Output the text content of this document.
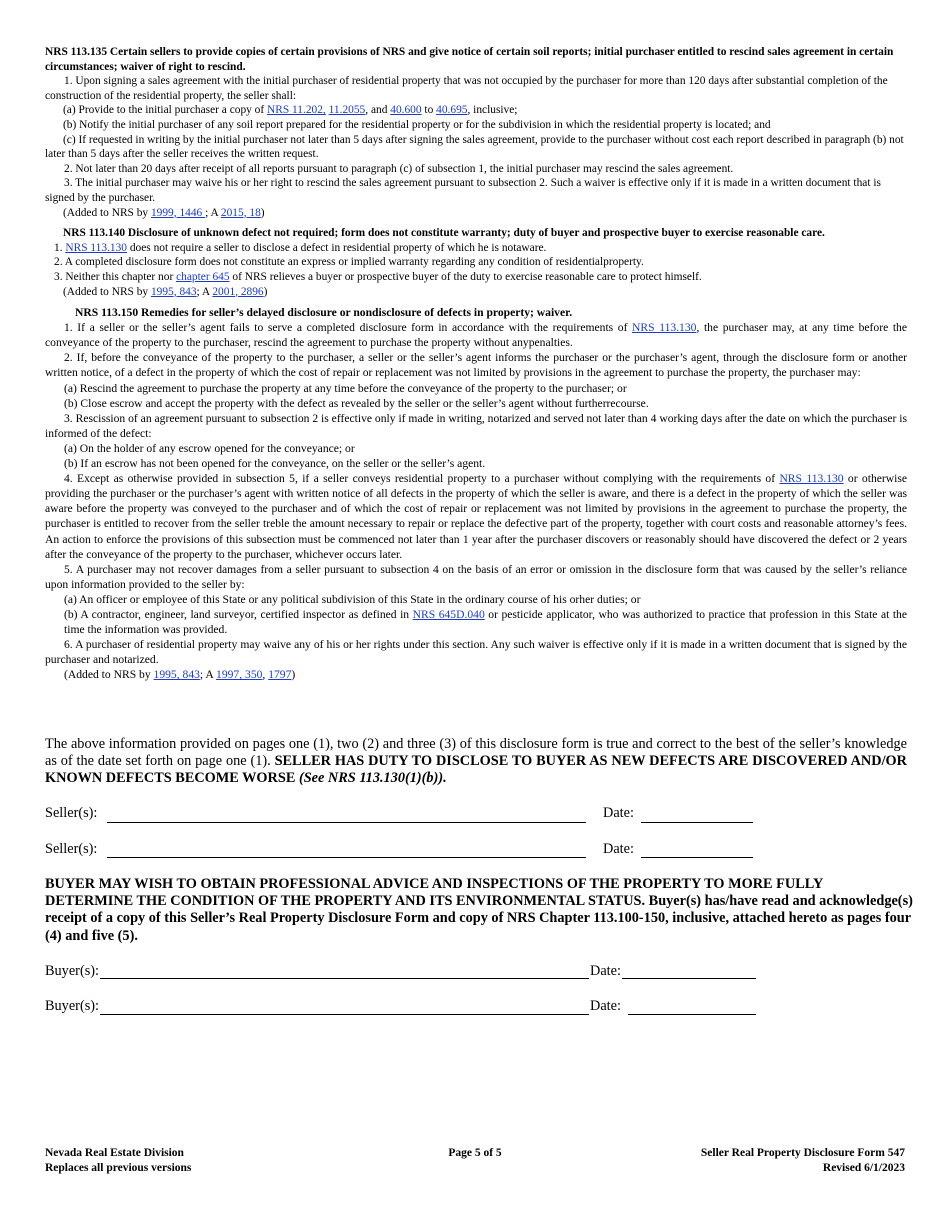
NRS 113.135 Certain sellers to provide copies of certain provisions of NRS and give notice of certain soil reports; initial purchaser entitled to rescind sales agreement in certain circumstances; waiver of right to rescind.

1. Upon signing a sales agreement with the initial purchaser of residential property that was not occupied by the purchaser for more than 120 days after substantial completion of the construction of the residential property, the seller shall:

(a) Provide to the initial purchaser a copy of NRS 11.202, 11.2055, and 40.600 to 40.695, inclusive;

(b) Notify the initial purchaser of any soil report prepared for the residential property or for the subdivision in which the residential property is located; and

(c) If requested in writing by the initial purchaser not later than 5 days after signing the sales agreement, provide to the purchaser without cost each report described in paragraph (b) not later than 5 days after the seller receives the written request.

2. Not later than 20 days after receipt of all reports pursuant to paragraph (c) of subsection 1, the initial purchaser may rescind the sales agreement.

3. The initial purchaser may waive his or her right to rescind the sales agreement pursuant to subsection 2. Such a waiver is effective only if it is made in a written document that is signed by the purchaser.

(Added to NRS by 1999, 1446 ; A 2015, 18)

NRS 113.140 Disclosure of unknown defect not required; form does not constitute warranty; duty of buyer and prospective buyer to exercise reasonable care.

1. NRS 113.130 does not require a seller to disclose a defect in residential property of which he is notaware.

2. A completed disclosure form does not constitute an express or implied warranty regarding any condition of residentialproperty.

3. Neither this chapter nor chapter 645 of NRS relieves a buyer or prospective buyer of the duty to exercise reasonable care to protect himself.

(Added to NRS by 1995, 843; A 2001, 2896)

NRS 113.150 Remedies for seller’s delayed disclosure or nondisclosure of defects in property; waiver.

1. If a seller or the seller’s agent fails to serve a completed disclosure form in accordance with the requirements of NRS 113.130, the purchaser may, at any time before the conveyance of the property to the purchaser, rescind the agreement to purchase the property without anypenalties.

2. If, before the conveyance of the property to the purchaser, a seller or the seller’s agent informs the purchaser or the purchaser’s agent, through the disclosure form or another written notice, of a defect in the property of which the cost of repair or replacement was not limited by provisions in the agreement to purchase the property, the purchaser may:

(a) Rescind the agreement to purchase the property at any time before the conveyance of the property to the purchaser; or

(b) Close escrow and accept the property with the defect as revealed by the seller or the seller’s agent without furtherrecourse.

3. Rescission of an agreement pursuant to subsection 2 is effective only if made in writing, notarized and served not later than 4 working days after the date on which the purchaser is informed of the defect:

(a) On the holder of any escrow opened for the conveyance; or

(b) If an escrow has not been opened for the conveyance, on the seller or the seller’s agent.

4. Except as otherwise provided in subsection 5, if a seller conveys residential property to a purchaser without complying with the requirements of NRS 113.130 or otherwise providing the purchaser or the purchaser’s agent with written notice of all defects in the property of which the seller is aware, and there is a defect in the property of which the seller was aware before the property was conveyed to the purchaser and of which the cost of repair or replacement was not limited by provisions in the agreement to purchase the property, the purchaser is entitled to recover from the seller treble the amount necessary to repair or replace the defective part of the property, together with court costs and reasonable attorney’s fees. An action to enforce the provisions of this subsection must be commenced not later than 1 year after the purchaser discovers or reasonably should have discovered the defect or 2 years after the conveyance of the property to the purchaser, whichever occurs later.

5. A purchaser may not recover damages from a seller pursuant to subsection 4 on the basis of an error or omission in the disclosure form that was caused by the seller’s reliance upon information provided to the seller by:

(a) An officer or employee of this State or any political subdivision of this State in the ordinary course of his orher duties; or

(b) A contractor, engineer, land surveyor, certified inspector as defined in NRS 645D.040 or pesticide applicator, who was authorized to practice that profession in this State at the time the information was provided.

6. A purchaser of residential property may waive any of his or her rights under this section. Any such waiver is effective only if it is made in a written document that is signed by the purchaser and notarized.

(Added to NRS by 1995, 843; A 1997, 350, 1797)

The above information provided on pages one (1), two (2) and three (3) of this disclosure form is true and correct to the best of the seller’s knowledge as of the date set forth on page one (1). SELLER HAS DUTY TO DISCLOSE TO BUYER AS NEW DEFECTS ARE DISCOVERED AND/OR KNOWN DEFECTS BECOME WORSE (See NRS 113.130(1)(b)).

Seller(s):	Date:
Seller(s):	Date:

BUYER MAY WISH TO OBTAIN PROFESSIONAL ADVICE AND INSPECTIONS OF THE PROPERTY TO MORE FULLY DETERMINE THE CONDITION OF THE PROPERTY AND ITS ENVIRONMENTAL STATUS. Buyer(s) has/have read and acknowledge(s) receipt of a copy of this Seller’s Real Property Disclosure Form and copy of NRS Chapter 113.100-150, inclusive, attached hereto as pages four (4) and five (5).

Buyer(s):	Date:
Buyer(s):	Date:
Nevada Real Estate Division
Replaces all previous versions
Page 5 of 5	Seller Real Property Disclosure Form 547
Revised 6/1/2023
